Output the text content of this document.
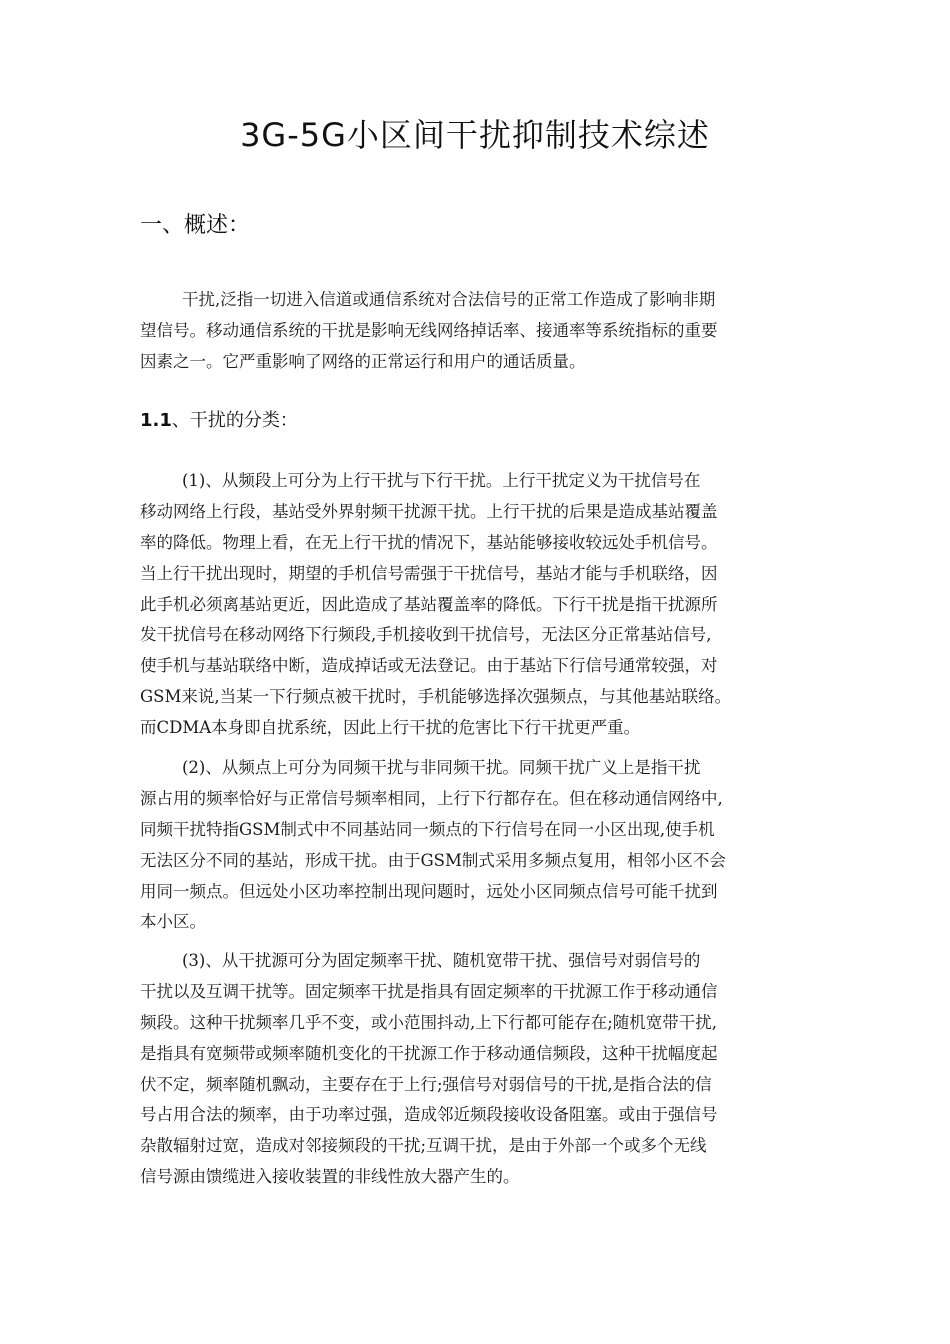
3G-5G小区间干扰抑制技术综述
一、概述：

干扰,泛指一切进入信道或通信系统对合法信号的正常工作造成了影响非期
望信号。移动通信系统的干扰是影响无线网络掉话率、接通率等系统指标的重要
因素之一。它严重影响了网络的正常运行和用户的通话质量。

1.1、干扰的分类：

(1)、从频段上可分为上行干扰与下行干扰。上行干扰定义为干扰信号在
移动网络上行段，基站受外界射频干扰源干扰。上行干扰的后果是造成基站覆盖
率的降低。物理上看，在无上行干扰的情况下，基站能够接收较远处手机信号。
当上行干扰出现时，期望的手机信号需强于干扰信号，基站才能与手机联络，因
此手机必须离基站更近，因此造成了基站覆盖率的降低。下行干扰是指干扰源所
发干扰信号在移动网络下行频段,手机接收到干扰信号，无法区分正常基站信号,
使手机与基站联络中断，造成掉话或无法登记。由于基站下行信号通常较强，对
GSM来说,当某一下行频点被干扰时，手机能够选择次强频点，与其他基站联络。
而CDMA本身即自扰系统，因此上行干扰的危害比下行干扰更严重。

(2)、从频点上可分为同频干扰与非同频干扰。同频干扰广义上是指干扰
源占用的频率恰好与正常信号频率相同，上行下行都存在。但在移动通信网络中,
同频干扰特指GSM制式中不同基站同一频点的下行信号在同一小区出现,使手机
无法区分不同的基站，形成干扰。由于GSM制式采用多频点复用，相邻小区不会
用同一频点。但远处小区功率控制出现问题时，远处小区同频点信号可能千扰到
本小区。

(3)、从干扰源可分为固定频率干扰、随机宽带干扰、强信号对弱信号的
干扰以及互调干扰等。固定频率干扰是指具有固定频率的干扰源工作于移动通信
频段。这种干扰频率几乎不变，或小范围抖动,上下行都可能存在;随机宽带干扰,
是指具有宽频带或频率随机变化的干扰源工作于移动通信频段，这种干扰幅度起
伏不定，频率随机飘动，主要存在于上行;强信号对弱信号的干扰,是指合法的信
号占用合法的频率，由于功率过强，造成邻近频段接收设备阻塞。或由于强信号
杂散辐射过宽，造成对邻接频段的干扰;互调干扰，是由于外部一个或多个无线
信号源由馈缆进入接收装置的非线性放大器产生的。
